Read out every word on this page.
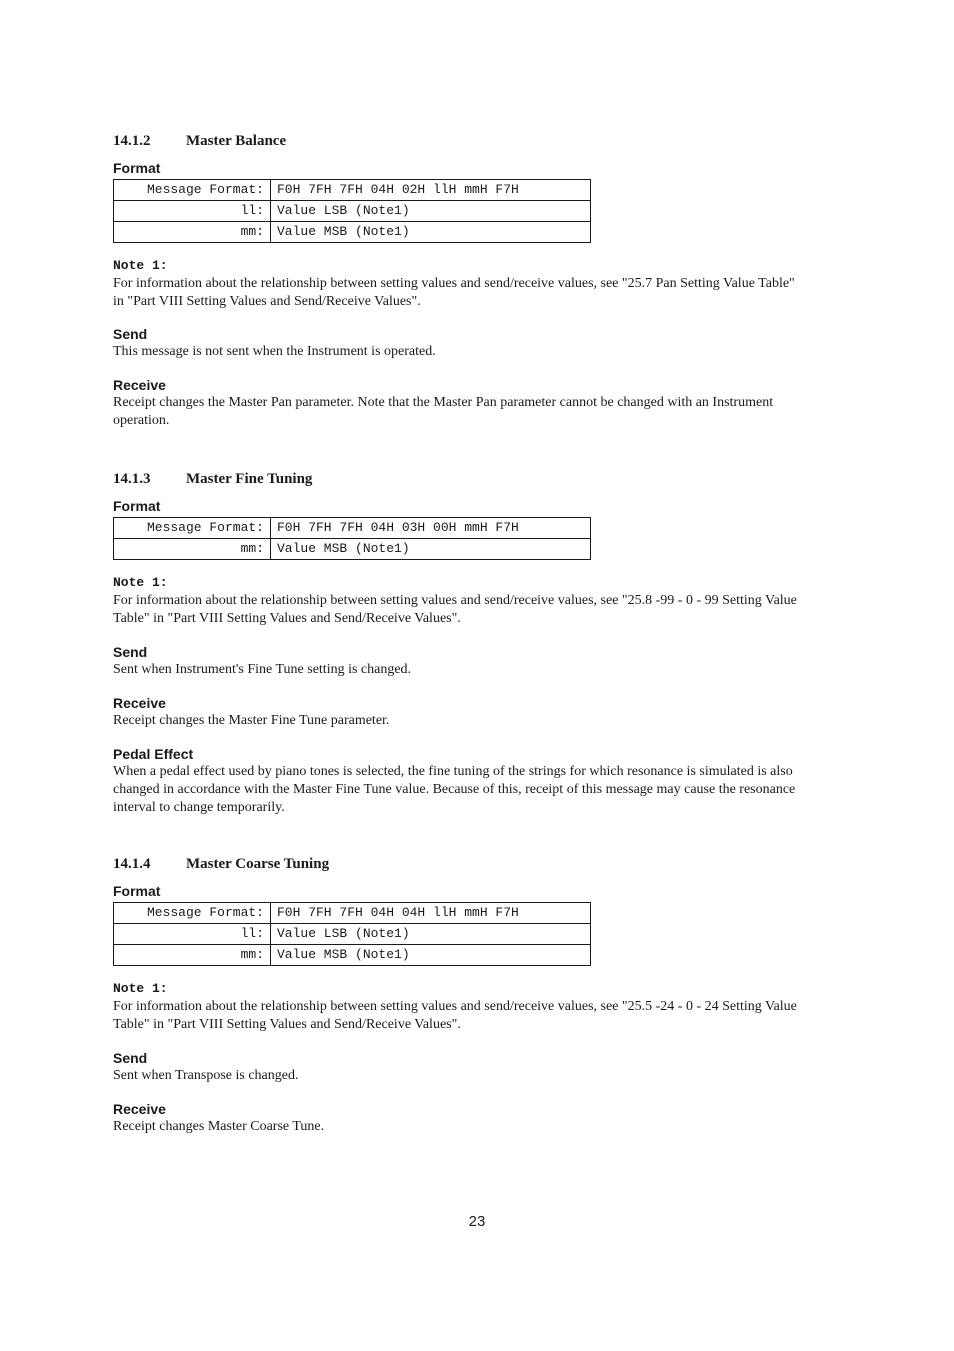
14.1.2 Master Balance
Format
Message Format:	F0H 7FH 7FH 04H 02H llH mmH F7H
ll:	Value LSB (Note1)
mm:	Value MSB (Note1)
Note 1:
For information about the relationship between setting values and send/receive values, see "25.7 Pan Setting Value Table" in "Part VIII Setting Values and Send/Receive Values".
Send
This message is not sent when the Instrument is operated.
Receive
Receipt changes the Master Pan parameter. Note that the Master Pan parameter cannot be changed with an Instrument operation.
14.1.3 Master Fine Tuning
Format
Message Format:	F0H 7FH 7FH 04H 03H 00H mmH F7H
mm:	Value MSB (Note1)
Note 1:
For information about the relationship between setting values and send/receive values, see "25.8 -99 - 0 - 99 Setting Value Table" in "Part VIII Setting Values and Send/Receive Values".
Send
Sent when Instrument's Fine Tune setting is changed.
Receive
Receipt changes the Master Fine Tune parameter.
Pedal Effect
When a pedal effect used by piano tones is selected, the fine tuning of the strings for which resonance is simulated is also changed in accordance with the Master Fine Tune value. Because of this, receipt of this message may cause the resonance interval to change temporarily.
14.1.4 Master Coarse Tuning
Format
Message Format:	F0H 7FH 7FH 04H 04H llH mmH F7H
ll:	Value LSB (Note1)
mm:	Value MSB (Note1)
Note 1:
For information about the relationship between setting values and send/receive values, see "25.5 -24 - 0 - 24 Setting Value Table" in "Part VIII Setting Values and Send/Receive Values".
Send
Sent when Transpose is changed.
Receive
Receipt changes Master Coarse Tune.
23
